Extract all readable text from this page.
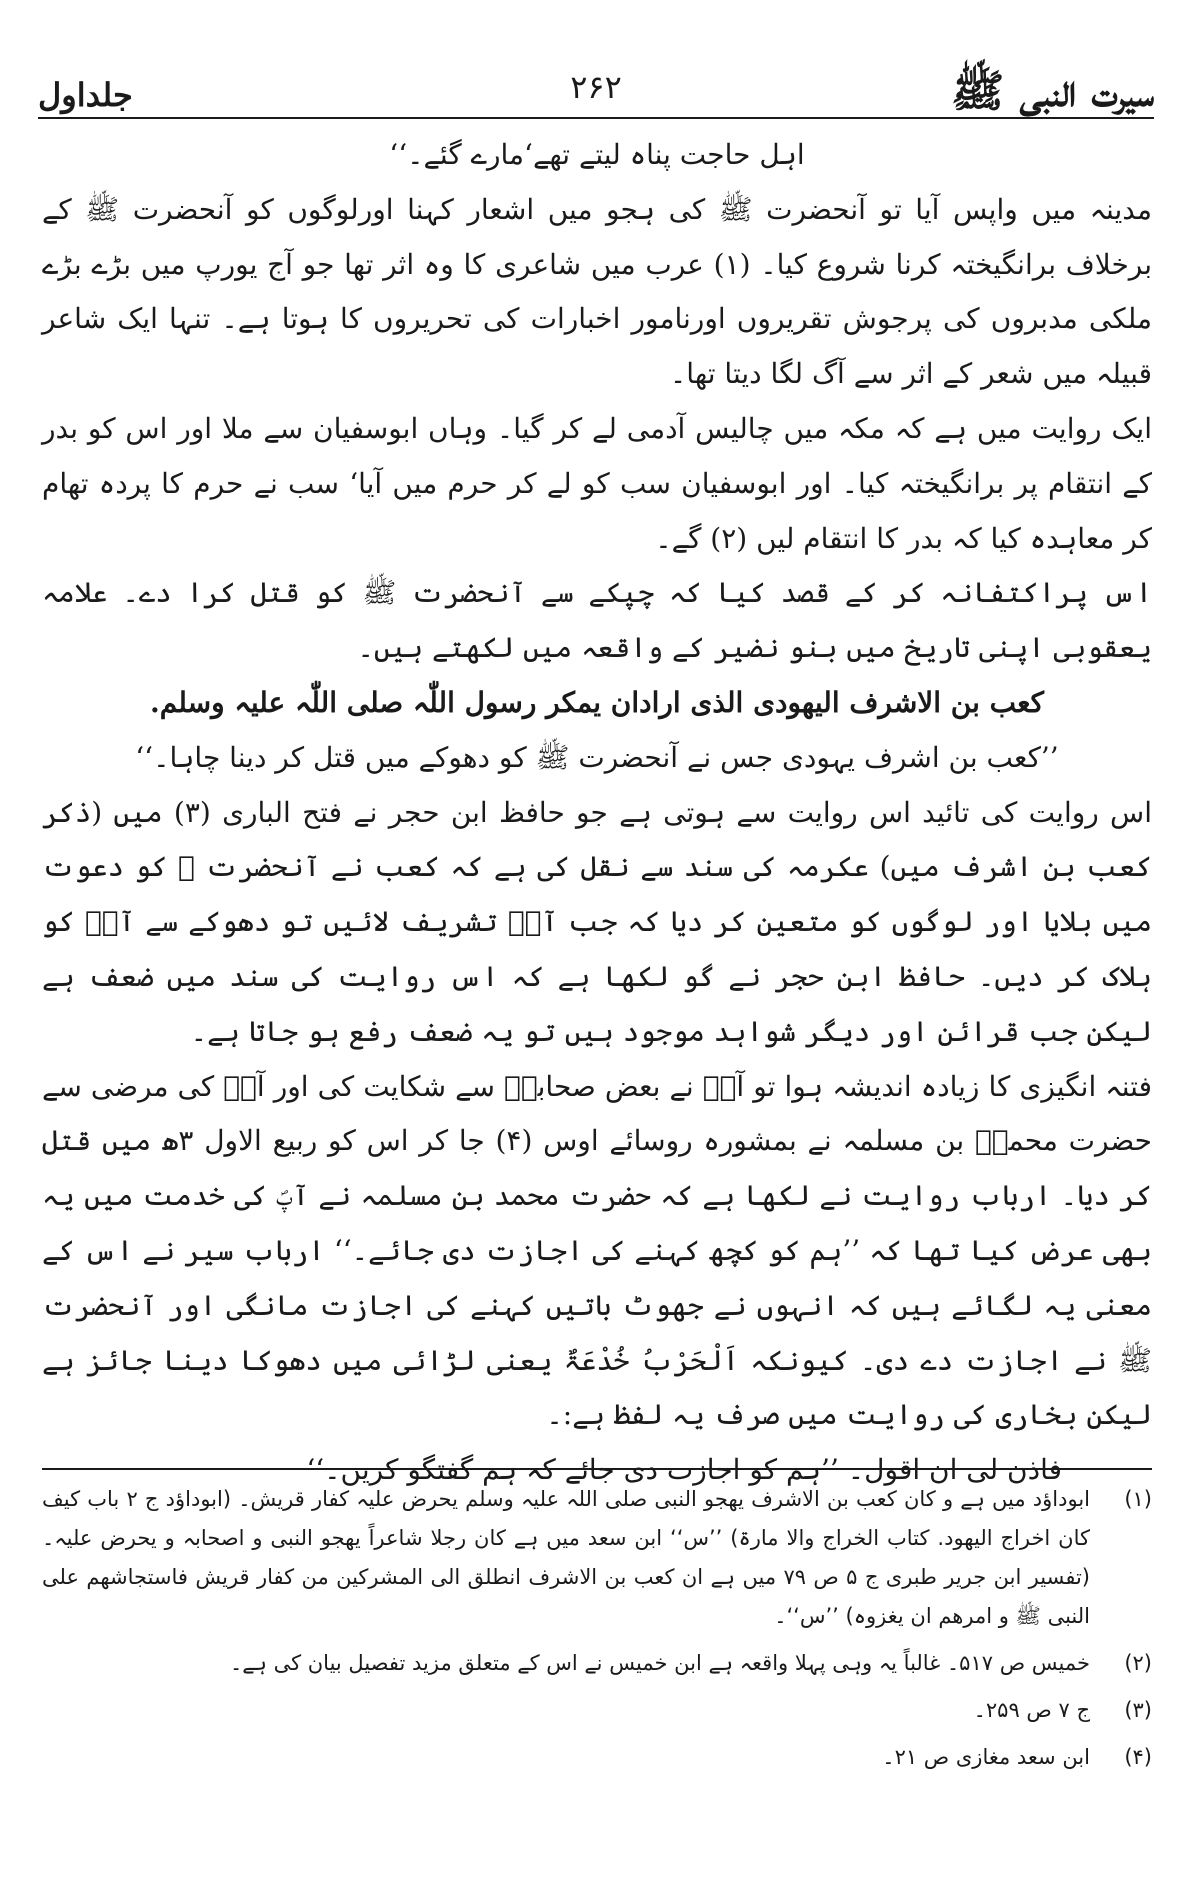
سیرت النبی ﷺ
۲۶۲
جلداول

اہل حاجت پناہ لیتے تھے‘مارے گئے۔‘‘

مدینہ میں واپس آیا تو آنحضرت ﷺ کی ہجو میں اشعار کہنا اورلوگوں کو آنحضرت ﷺ کے برخلاف برانگیختہ کرنا شروع کیا۔ (۱) عرب میں شاعری کا وہ اثر تھا جو آج یورپ میں بڑے بڑے ملکی مدبروں کی پرجوش تقریروں اورنامور اخبارات کی تحریروں کا ہوتا ہے۔ تنہا ایک شاعر قبیلہ میں شعر کے اثر سے آگ لگا دیتا تھا۔

ایک روایت میں ہے کہ مکہ میں چالیس آدمی لے کر گیا۔ وہاں ابوسفیان سے ملا اور اس کو بدر کے انتقام پر برانگیختہ کیا۔ اور ابوسفیان سب کو لے کر حرم میں آیا‘ سب نے حرم کا پردہ تھام کر معاہدہ کیا کہ بدر کا انتقام لیں (۲) گے۔

اس پراکتفانہ کر کے قصد کیا کہ چپکے سے آنحضرت ﷺ کو قتل کرا دے۔ علامہ یعقوبی اپنی تاریخ میں بنو نضیر کے واقعہ میں لکھتے ہیں۔

کعب بن الاشرف الیھودی الذی ارادان یمکر رسول اللّٰہ صلی اللّٰہ علیہ وسلم.

’’کعب بن اشرف یہودی جس نے آنحضرت ﷺ کو دھوکے میں قتل کر دینا چاہا۔‘‘

اس روایت کی تائید اس روایت سے ہوتی ہے جو حافظ ابن حجر نے فتح الباری (۳) میں (ذکر کعب بن اشرف میں) عکرمہ کی سند سے نقل کی ہے کہ کعب نے آنحضرت ﷺ کو دعوت میں بلایا اور لوگوں کو متعین کر دیا کہ جب آپؐ تشریف لائیں تو دھوکے سے آپؐ کو ہلاک کر دیں۔ حافظ ابن حجر نے گو لکھا ہے کہ اس روایت کی سند میں ضعف ہے لیکن جب قرائن اور دیگر شواہد موجود ہیں تو یہ ضعف رفع ہو جاتا ہے۔

فتنہ انگیزی کا زیادہ اندیشہ ہوا تو آپؐ نے بعض صحابہؓ سے شکایت کی اور آپؐ کی مرضی سے حضرت محمدؓ بن مسلمہ نے بمشورہ روسائے اوس (۴) جا کر اس کو ربیع الاول ۳ھ میں قتل کر دیا۔ ارباب روایت نے لکھا ہے کہ حضرت محمد بن مسلمہ نے آپؐ کی خدمت میں یہ بھی عرض کیا تھا کہ ’’ہم کو کچھ کہنے کی اجازت دی جائے۔‘‘ ارباب سیر نے اس کے معنی یہ لگائے ہیں کہ انہوں نے جھوٹ باتیں کہنے کی اجازت مانگی اور آنحضرت ﷺ نے اجازت دے دی۔ کیونکہ اَلْحَرْبُ خُدْعَۃٌ یعنی لڑائی میں دھوکا دینا جائز ہے لیکن بخاری کی روایت میں صرف یہ لفظ ہے:۔

فاذن لی ان اقول۔ ’’ہم کو اجازت دی جائے کہ ہم گفتگو کریں۔‘‘

(۱)
ابوداؤد میں ہے و کان کعب بن الاشرف یھجو النبی صلی اللہ علیہ وسلم یحرض علیہ کفار قریش۔ (ابوداؤد ج ۲ باب کیف کان اخراج الیھود. کتاب الخراج والا مارۃ) ’’س‘‘ ابن سعد میں ہے کان رجلا شاعراً یھجو النبی و اصحابہ و یحرض علیہ۔ (تفسیر ابن جریر طبری ج ۵ ص ۷۹ میں ہے ان کعب بن الاشرف انطلق الی المشرکین من کفار قریش فاستجاشھم علی النبی ﷺ و امرھم ان یغزوہ) ’’س‘‘۔
(۲)
خمیس ص ۵۱۷۔ غالباً یہ وہی پہلا واقعہ ہے ابن خمیس نے اس کے متعلق مزید تفصیل بیان کی ہے۔
(۳)
ج ۷ ص ۲۵۹۔
(۴)
ابن سعد مغازی ص ۲۱۔
